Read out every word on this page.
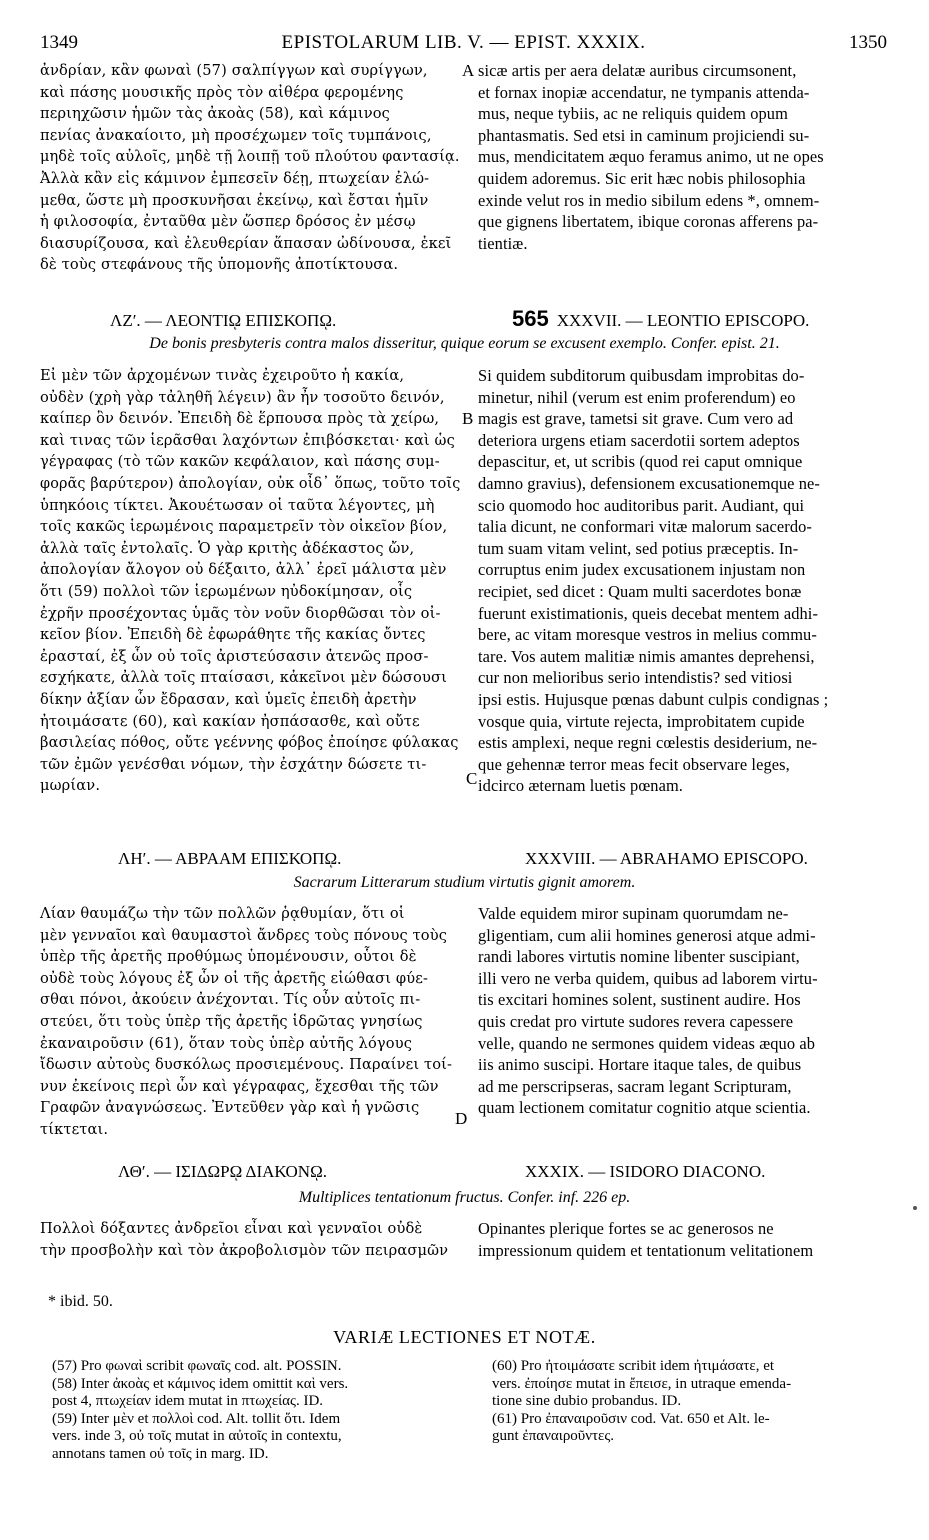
1349	EPISTOLARUM LIB. V. — EPIST. XXXIX.	1350
ἀνδρίαν, κἂν φωναὶ (57) σαλπίγγων καὶ συρίγγων,
καὶ πάσης μουσικῆς πρὸς τὸν αἰθέρα φερομένης
περιηχῶσιν ἡμῶν τὰς ἀκοὰς (58), καὶ κάμινος
πενίας ἀνακαίοιτο, μὴ προσέχωμεν τοῖς τυμπάνοις,
μηδὲ τοῖς αὐλοῖς, μηδὲ τῇ λοιπῇ τοῦ πλούτου φαντασίᾳ.
Ἀλλὰ κἂν εἰς κάμινον ἐμπεσεῖν δέῃ, πτωχείαν ἐλώ-
μεθα, ὥστε μὴ προσκυνῆσαι ἐκείνῳ, καὶ ἔσται ἡμῖν
ἡ φιλοσοφία, ἐνταῦθα μὲν ὥσπερ δρόσος ἐν μέσῳ
διασυρίζουσα, καὶ ἐλευθερίαν ἅπασαν ὠδίνουσα, ἐκεῖ
δὲ τοὺς στεφάνους τῆς ὑπομονῆς ἀποτίκτουσα.
sicæ artis per aera delatæ auribus circumsonent,
et fornax inopiæ accendatur, ne tympanis attenda-
mus, neque tybiis, ac ne reliquis quidem opum
phantasmatis. Sed etsi in caminum projiciendi su-
mus, mendicitatem æquo feramus animo, ut ne opes
quidem adoremus. Sic erit hæc nobis philosophia
exinde velut ros in medio sibilum edens *, omnem-
que gignens libertatem, ibique coronas afferens pa-
tientiæ.
A
ΛΖʹ. — ΛΕΟΝΤΙῼ ΕΠΙΣΚΟΠῼ.	565 XXXVII. — LEONTIO EPISCOPO.
De bonis presbyteris contra malos disseritur, quique eorum se excusent exemplo. Confer. epist. 21.
Εἰ μὲν τῶν ἀρχομένων τινὰς ἐχειροῦτο ἡ κακία,
οὐδὲν (χρὴ γὰρ τἀληθῆ λέγειν) ἂν ἦν τοσοῦτο δεινόν,
καίπερ ὂν δεινόν. Ἐπειδὴ δὲ ἕρπουσα πρὸς τὰ χείρω,
καὶ τινας τῶν ἱερᾶσθαι λαχόντων ἐπιβόσκεται· καὶ ὡς
γέγραφας (τὸ τῶν κακῶν κεφάλαιον, καὶ πάσης συμ-
φορᾶς βαρύτερον) ἀπολογίαν, οὐκ οἶδ᾽ ὅπως, τοῦτο τοῖς
ὑπηκόοις τίκτει. Ἀκουέτωσαν οἱ ταῦτα λέγοντες, μὴ
τοῖς κακῶς ἱερωμένοις παραμετρεῖν τὸν οἰκεῖον βίον,
ἀλλὰ ταῖς ἐντολαῖς. Ὁ γὰρ κριτὴς ἀδέκαστος ὤν,
ἀπολογίαν ἄλογον οὐ δέξαιτο, ἀλλ᾽ ἐρεῖ μάλιστα μὲν
ὅτι (59) πολλοὶ τῶν ἱερωμένων ηὐδοκίμησαν, οἷς
ἐχρῆν προσέχοντας ὑμᾶς τὸν νοῦν διορθῶσαι τὸν οἰ-
κεῖον βίον. Ἐπειδὴ δὲ ἐφωράθητε τῆς κακίας ὄντες
ἐρασταί, ἐξ ὧν οὐ τοῖς ἀριστεύσασιν ἀτενῶς προσ-
εσχήκατε, ἀλλὰ τοῖς πταίσασι, κἀκεῖνοι μὲν δώσουσι
δίκην ἀξίαν ὧν ἔδρασαν, καὶ ὑμεῖς ἐπειδὴ ἀρετὴν
ἠτοιμάσατε (60), καὶ κακίαν ἠσπάσασθε, καὶ οὔτε
βασιλείας πόθος, οὔτε γεέννης φόβος ἐποίησε φύλακας
τῶν ἐμῶν γενέσθαι νόμων, τὴν ἐσχάτην δώσετε τι-
μωρίαν.
Si quidem subditorum quibusdam improbitas do-
minetur, nihil (verum est enim proferendum) eo
magis est grave, tametsi sit grave. Cum vero ad
deteriora urgens etiam sacerdotii sortem adeptos
depascitur, et, ut scribis (quod rei caput omnique
damno gravius), defensionem excusationemque ne-
scio quomodo hoc auditoribus parit. Audiant, qui
talia dicunt, ne conformari vitæ malorum sacerdo-
tum suam vitam velint, sed potius præceptis. In-
corruptus enim judex excusationem injustam non
recipiet, sed dicet : Quam multi sacerdotes bonæ
fuerunt existimationis, queis decebat mentem adhi-
bere, ac vitam moresque vestros in melius commu-
tare. Vos autem malitiæ nimis amantes deprehensi,
cur non melioribus serio intendistis? sed vitiosi
ipsi estis. Hujusque pœnas dabunt culpis condignas ;
vosque quia, virtute rejecta, improbitatem cupide
estis amplexi, neque regni cœlestis desiderium, ne-
que gehennæ terror meas fecit observare leges,
idcirco æternam luetis pœnam.
B
C
ΛΗʹ. — ΑΒΡΑΑΜ ΕΠΙΣΚΟΠῼ.	XXXVIII. — ABRAHAMO EPISCOPO.
Sacrarum Litterarum studium virtutis gignit amorem.
Λίαν θαυμάζω τὴν τῶν πολλῶν ῥᾳθυμίαν, ὅτι οἱ
μὲν γενναῖοι καὶ θαυμαστοὶ ἄνδρες τοὺς πόνους τοὺς
ὑπὲρ τῆς ἀρετῆς προθύμως ὑπομένουσιν, οὗτοι δὲ
οὐδὲ τοὺς λόγους ἐξ ὧν οἱ τῆς ἀρετῆς εἰώθασι φύε-
σθαι πόνοι, ἀκούειν ἀνέχονται. Τίς οὖν αὐτοῖς πι-
στεύει, ὅτι τοὺς ὑπὲρ τῆς ἀρετῆς ἱδρῶτας γνησίως
ἐκαναιροῦσιν (61), ὅταν τοὺς ὑπὲρ αὐτῆς λόγους
ἴδωσιν αὐτοὺς δυσκόλως προσιεμένους. Παραίνει τοί-
νυν ἐκείνοις περὶ ὧν καὶ γέγραφας, ἔχεσθαι τῆς τῶν
Γραφῶν ἀναγνώσεως. Ἐντεῦθεν γὰρ καὶ ἡ γνῶσις
τίκτεται.
Valde equidem miror supinam quorumdam ne-
gligentiam, cum alii homines generosi atque admi-
randi labores virtutis nomine libenter suscipiant,
illi vero ne verba quidem, quibus ad laborem virtu-
tis excitari homines solent, sustinent audire. Hos
quis credat pro virtute sudores revera capessere
velle, quando ne sermones quidem videas æquo ab
iis animo suscipi. Hortare itaque tales, de quibus
ad me perscripseras, sacram legant Scripturam,
quam lectionem comitatur cognitio atque scientia.
D
ΛΘʹ. — ΙΣΙΔΩΡῼ ΔΙΑΚΟΝῼ.	XXXIX. — ISIDORO DIACONO.
Multiplices tentationum fructus. Confer. inf. 226 ep.
Πολλοὶ δόξαντες ἀνδρεῖοι εἶναι καὶ γενναῖοι οὐδὲ
τὴν προσβολὴν καὶ τὸν ἀκροβολισμὸν τῶν πειρασμῶν
Opinantes plerique fortes se ac generosos ne
impressionum quidem et tentationum velitationem
* ibid. 50.
VARIÆ LECTIONES ET NOTÆ.
(57) Pro φωναὶ scribit φωναῖς cod. alt. POSSIN.
(58) Inter ἀκοὰς et κάμινος idem omittit καὶ vers.
post 4, πτωχείαν idem mutat in πτωχείας. ID.
(59) Inter μὲν et πολλοὶ cod. Alt. tollit ὅτι. Idem
vers. inde 3, οὐ τοῖς mutat in αὐτοῖς in contextu,
annotans tamen οὐ τοῖς in marg. ID.
(60) Pro ἠτοιμάσατε scribit idem ἠτιμάσατε, et
vers. ἐποίησε mutat in ἔπεισε, in utraque emenda-
tione sine dubio probandus. ID.
(61) Pro ἐπαναιροῦσιν cod. Vat. 650 et Alt. le-
gunt ἐπαναιροῦντες.
